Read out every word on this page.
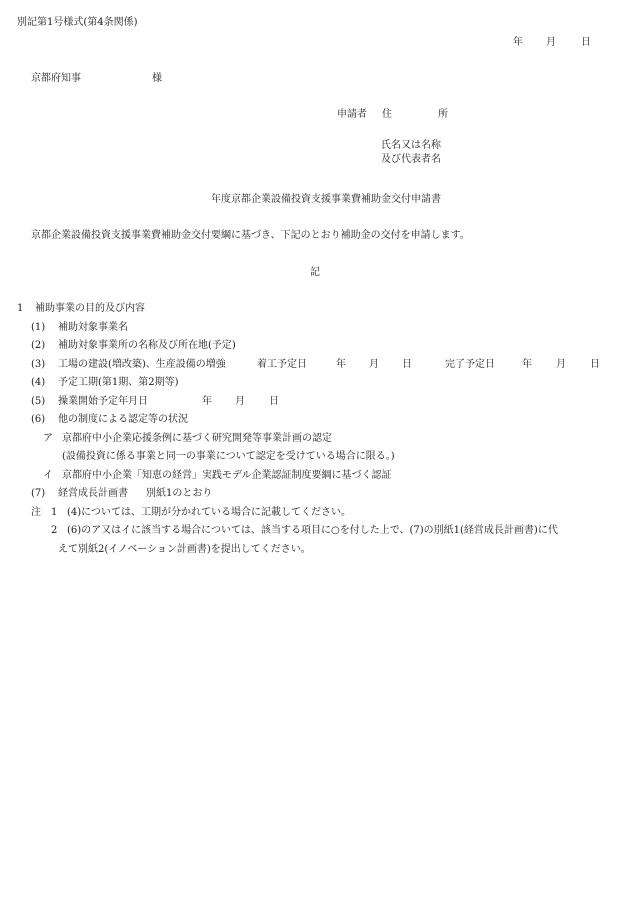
別記第1号様式(第4条関係)
年 月	日
京都府知事	様
申請者 住	所
氏名又は名称
及び代表者名
年度京都企業設備投資支援事業費補助金交付申請書
京都企業設備投資支援事業費補助金交付要綱に基づき、下記のとおり補助金の交付を申請します。
記
1 補助事業の目的及び内容
(1) 補助対象事業名
(2) 補助対象事業所の名称及び所在地(予定)
(3) 工場の建設(増改築)、生産設備の増強	着工予定日	年 月 日	完了予定日	年 月 日
(4) 予定工期(第1期、第2期等)
(5) 操業開始予定年月日	年 月 日
(6) 他の制度による認定等の状況
ア 京都府中小企業応援条例に基づく研究開発等事業計画の認定
(設備投資に係る事業と同一の事業について認定を受けている場合に限る。)
イ 京都府中小企業「知恵の経営」実践モデル企業認証制度要綱に基づく認証
(7) 経営成長計画書 別紙1のとおり
注 1 (4)については、工期が分かれている場合に記載してください。
2 (6)のア又はイに該当する場合については、該当する項目に○を付した上で、(7)の別紙1(経営成長計画書)に代
えて別紙2(イノベーション計画書)を提出してください。
